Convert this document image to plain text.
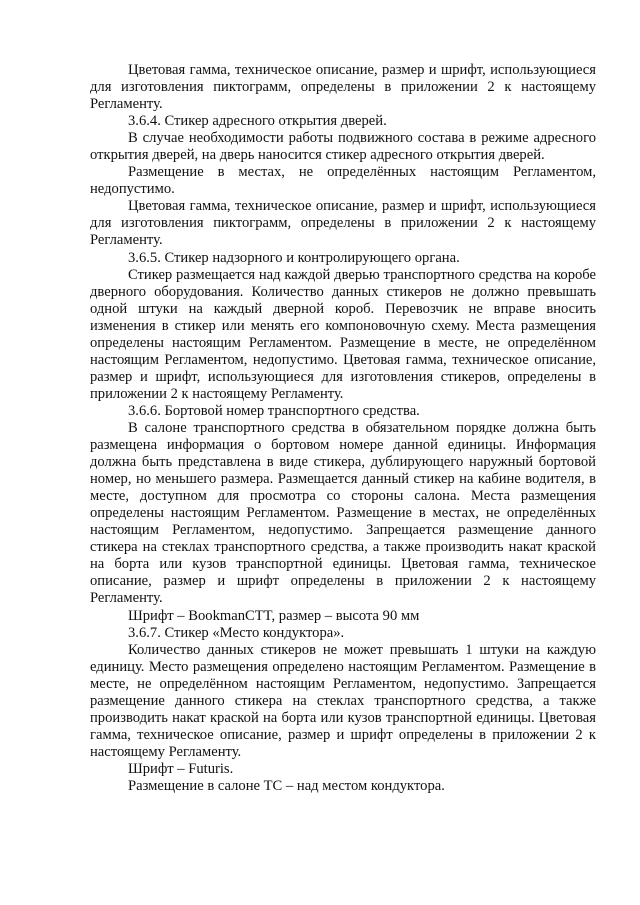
Цветовая гамма, техническое описание, размер и шрифт, использующиеся для изготовления пиктограмм, определены в приложении 2 к настоящему Регламенту.

3.6.4. Стикер адресного открытия дверей.

В случае необходимости работы подвижного состава в режиме адресного открытия дверей, на дверь наносится стикер адресного открытия дверей.

Размещение в местах, не определённых настоящим Регламентом, недопустимо.

Цветовая гамма, техническое описание, размер и шрифт, использующиеся для изготовления пиктограмм, определены в приложении 2 к настоящему Регламенту.

3.6.5. Стикер надзорного и контролирующего органа.

Стикер размещается над каждой дверью транспортного средства на коробе дверного оборудования. Количество данных стикеров не должно превышать одной штуки на каждый дверной короб. Перевозчик не вправе вносить изменения в стикер или менять его компоновочную схему. Места размещения определены настоящим Регламентом. Размещение в месте, не определённом настоящим Регламентом, недопустимо. Цветовая гамма, техническое описание, размер и шрифт, использующиеся для изготовления стикеров, определены в приложении 2 к настоящему Регламенту.

3.6.6. Бортовой номер транспортного средства.

В салоне транспортного средства в обязательном порядке должна быть размещена информация о бортовом номере данной единицы. Информация должна быть представлена в виде стикера, дублирующего наружный бортовой номер, но меньшего размера. Размещается данный стикер на кабине водителя, в месте, доступном для просмотра со стороны салона. Места размещения определены настоящим Регламентом. Размещение в местах, не определённых настоящим Регламентом, недопустимо. Запрещается размещение данного стикера на стеклах транспортного средства, а также производить накат краской на борта или кузов транспортной единицы. Цветовая гамма, техническое описание, размер и шрифт определены в приложении 2 к настоящему Регламенту.

Шрифт – BookmanCTT, размер – высота 90 мм

3.6.7. Стикер «Место кондуктора».

Количество данных стикеров не может превышать 1 штуки на каждую единицу. Место размещения определено настоящим Регламентом. Размещение в месте, не определённом настоящим Регламентом, недопустимо. Запрещается размещение данного стикера на стеклах транспортного средства, а также производить накат краской на борта или кузов транспортной единицы. Цветовая гамма, техническое описание, размер и шрифт определены в приложении 2 к настоящему Регламенту.

Шрифт – Futuris.

Размещение в салоне ТС – над местом кондуктора.
